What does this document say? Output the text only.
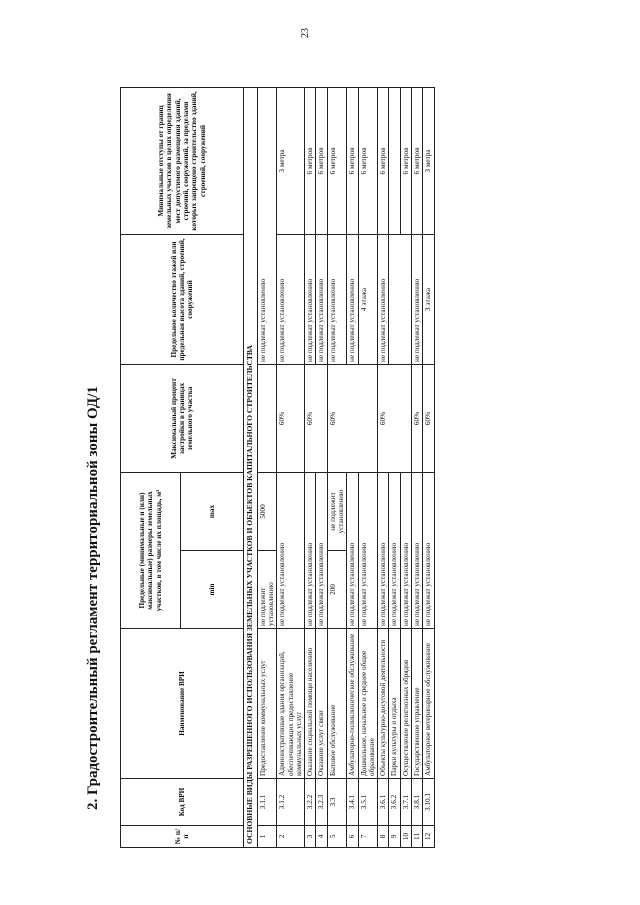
23
2. Градостроительный регламент территориальной зоны ОД/1
№ п/п	Код ВРИ	Наименование ВРИ	Предельные (минимальные и (или) максимальные) размеры земельных участков, в том числе их площадь, м²		Максимальный процент застройки в границах земельного участка	Предельное количество этажей или предельная высота зданий, строений, сооружений	Минимальные отступы от границ земельных участков в целях определения мест допустимого размещения зданий, строений, сооружений, за пределами которых запрещено строительство зданий, строений, сооружений
			min	max			
ОСНОВНЫЕ ВИДЫ РАЗРЕШЕННОГО ИСПОЛЬЗОВАНИЯ ЗЕМЕЛЬНЫХ УЧАСТКОВ И ОБЪЕКТОВ КАПИТАЛЬНОГО СТРОИТЕЛЬСТВА							
1	3.1.1	Предоставление коммунальных услуг	не подлежит установлению	5000		не подлежат установлению	
2	3.1.2	Административные здания организаций, обеспечивающих предоставление коммунальных услуг	не подлежат установлению		60%	не подлежат установлению	3 метра
3	3.2.2	Оказание социальной помощи населению	не подлежат установлению		60%	не подлежат установлению	6 метров
4	3.2.3	Оказание услуг связи	не подлежат установлению			не подлежат установлению	6 метров
5	3.3	Бытовое обслуживание	200	не подлежит установлению	60%	не подлежат установлению	6 метров
6	3.4.1	Амбулаторно-поликлиническое обслуживание	не подлежат установлению			не подлежат установлению	6 метров
7	3.5.1	Дошкольное, начальное и среднее общее образование	не подлежат установлению			4 этажа	6 метров
8	3.6.1	Объекты культурно-досуговой деятельности	не подлежат установлению		60%	не подлежат установлению	6 метров
9	3.6.2	Парки культуры и отдыха	не подлежат установлению				
10	3.7.1	Осуществление религиозных обрядов	не подлежат установлению				6 метров
11	3.8.1	Государственное управление	не подлежат установлению		60%	не подлежат установлению	6 метров
12	3.10.1	Амбулаторное ветеринарное обслуживание	не подлежат установлению		60%	3 этажа	3 метра
